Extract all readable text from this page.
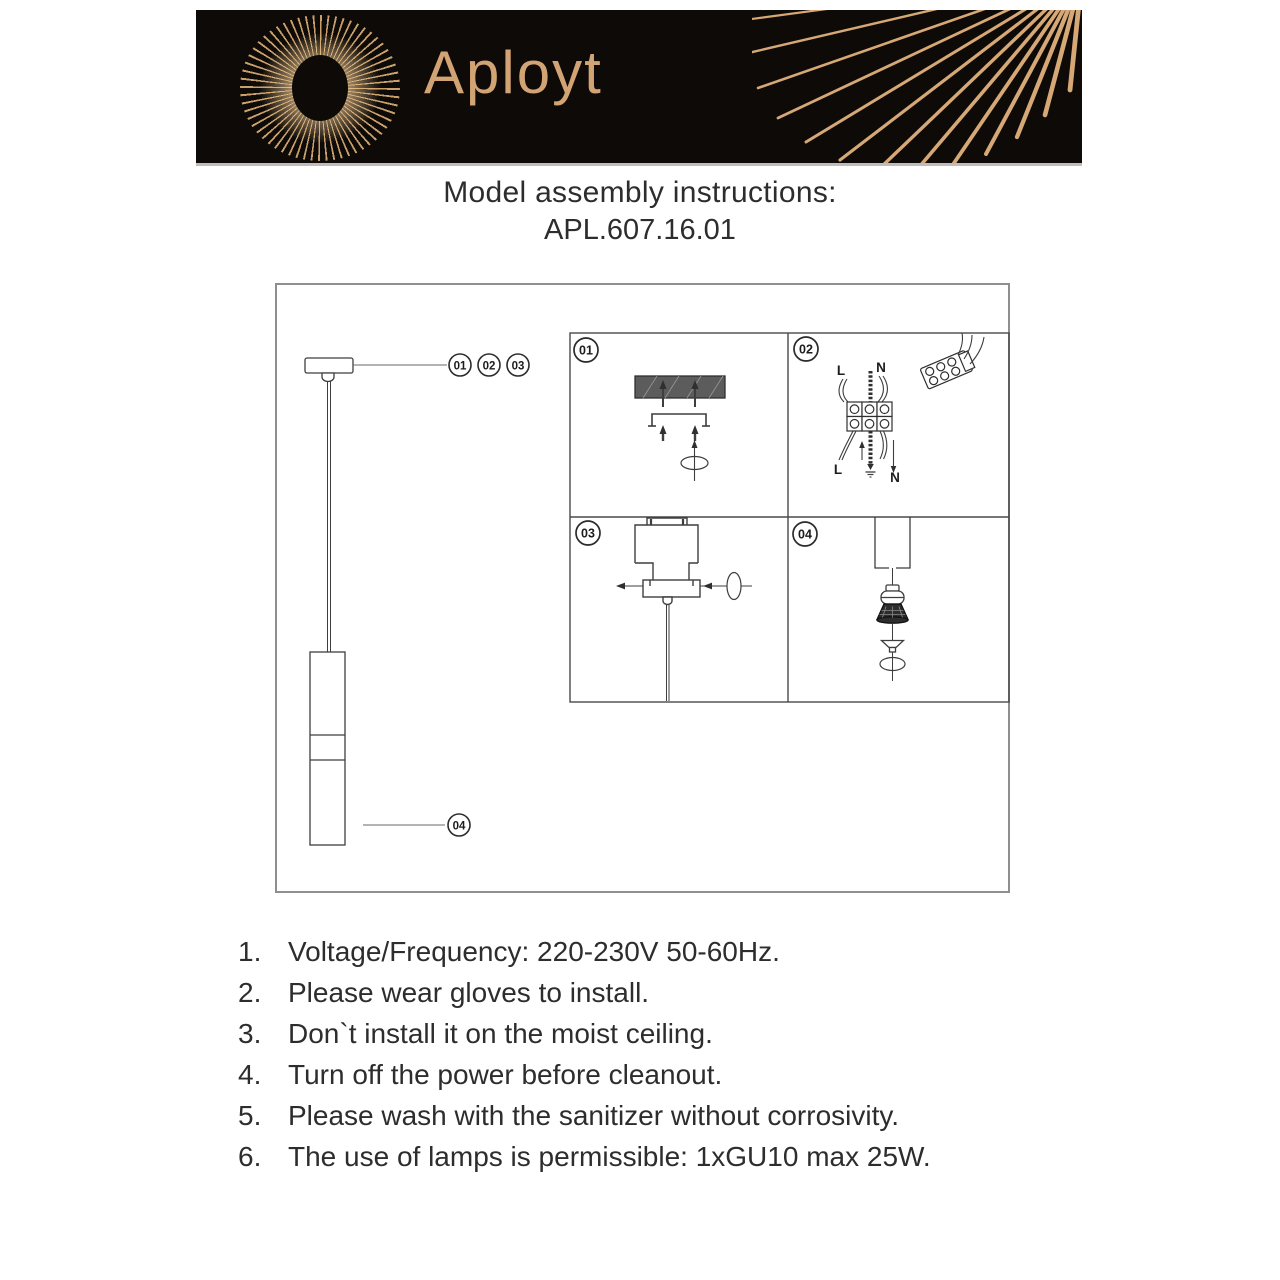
Aployt
Model assembly instructions:
APL.607.16.01
01 02 03
04
01	02
03	04
L N
L
N
1. Voltage/Frequency: 220-230V 50-60Hz.
2. Please wear gloves to install.
3. Don`t install it on the moist ceiling.
4. Turn off the power before cleanout.
5. Please wash with the sanitizer without corrosivity.
6. The use of lamps is permissible: 1xGU10 max 25W.
